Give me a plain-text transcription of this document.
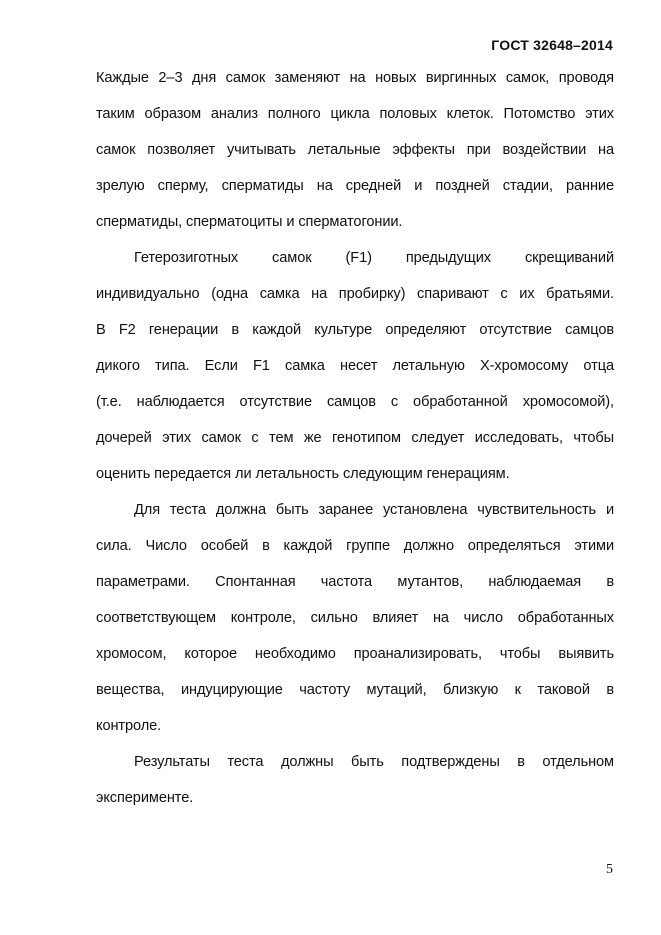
ГОСТ 32648–2014
Каждые 2–3 дня самок заменяют на новых виргинных самок, проводя
таким образом анализ полного цикла половых клеток. Потомство этих
самок позволяет учитывать летальные эффекты при воздействии на
зрелую сперму, сперматиды на средней и поздней стадии, ранние
сперматиды, сперматоциты и сперматогонии.
Гетерозиготных самок (F1) предыдущих скрещиваний
индивидуально (одна самка на пробирку) спаривают с их братьями.
В F2 генерации в каждой культуре определяют отсутствие самцов
дикого типа. Если F1 самка несет летальную X-хромосому отца
(т.е. наблюдается отсутствие самцов с обработанной хромосомой),
дочерей этих самок с тем же генотипом следует исследовать, чтобы
оценить передается ли летальность следующим генерациям.
Для теста должна быть заранее установлена чувствительность и
сила. Число особей в каждой группе должно определяться этими
параметрами. Спонтанная частота мутантов, наблюдаемая в
соответствующем контроле, сильно влияет на число обработанных
хромосом, которое необходимо проанализировать, чтобы выявить
вещества, индуцирующие частоту мутаций, близкую к таковой в
контроле.
Результаты теста должны быть подтверждены в отдельном
эксперименте.
5
